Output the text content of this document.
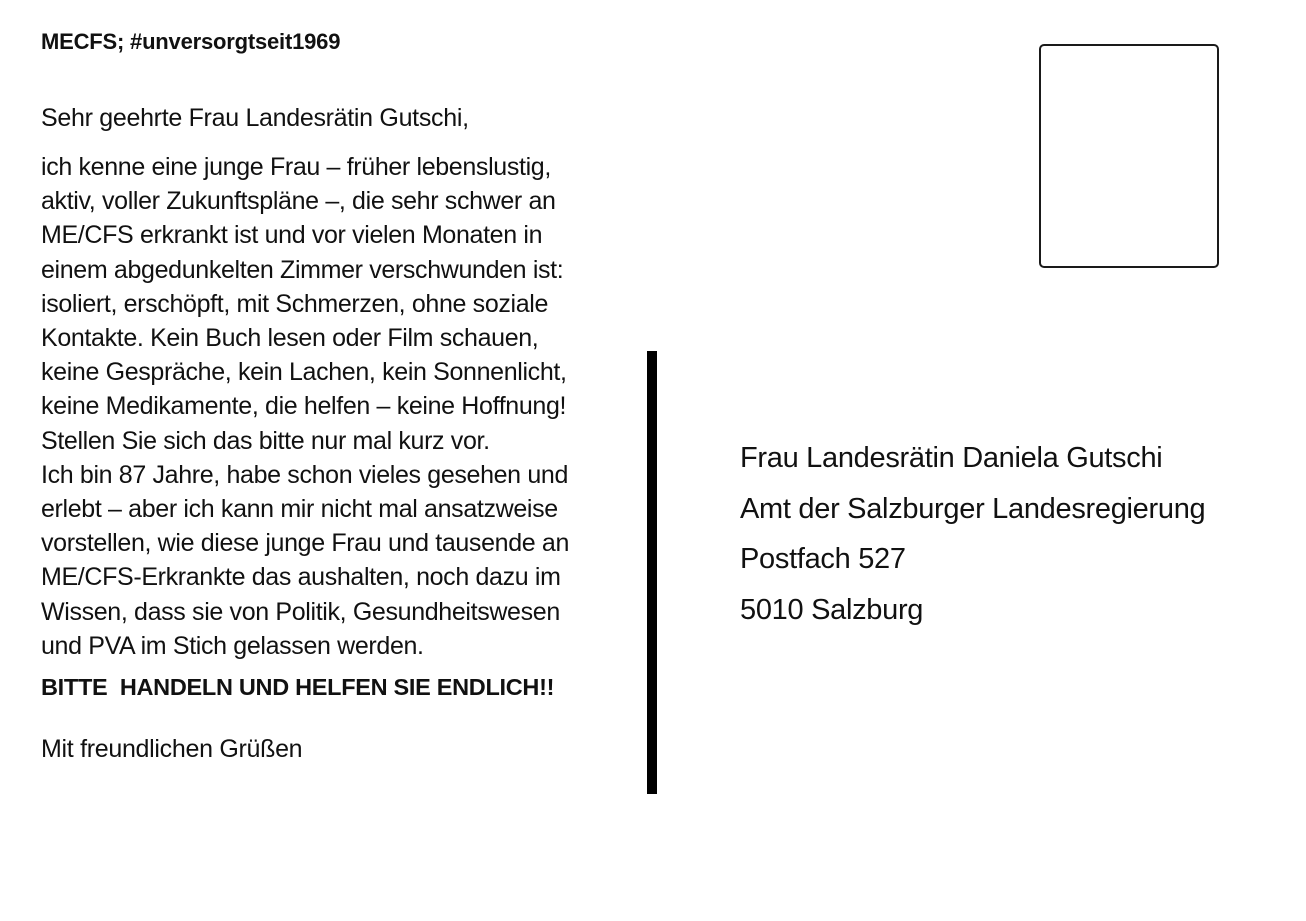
MECFS; #unversorgtseit1969
Sehr geehrte Frau Landesrätin Gutschi,
ich kenne eine junge Frau – früher lebenslustig,
aktiv, voller Zukunftspläne –, die sehr schwer an
ME/CFS erkrankt ist und vor vielen Monaten in
einem abgedunkelten Zimmer verschwunden ist:
isoliert, erschöpft, mit Schmerzen, ohne soziale
Kontakte. Kein Buch lesen oder Film schauen,
keine Gespräche, kein Lachen, kein Sonnenlicht,
keine Medikamente, die helfen – keine Hoffnung!
Stellen Sie sich das bitte nur mal kurz vor.
Ich bin 87 Jahre, habe schon vieles gesehen und
erlebt – aber ich kann mir nicht mal ansatzweise
vorstellen, wie diese junge Frau und tausende an
ME/CFS-Erkrankte das aushalten, noch dazu im
Wissen, dass sie von Politik, Gesundheitswesen
und PVA im Stich gelassen werden.
BITTE  HANDELN UND HELFEN SIE ENDLICH!!
Mit freundlichen Grüßen
Frau Landesrätin Daniela Gutschi
Amt der Salzburger Landesregierung
Postfach 527
5010 Salzburg
